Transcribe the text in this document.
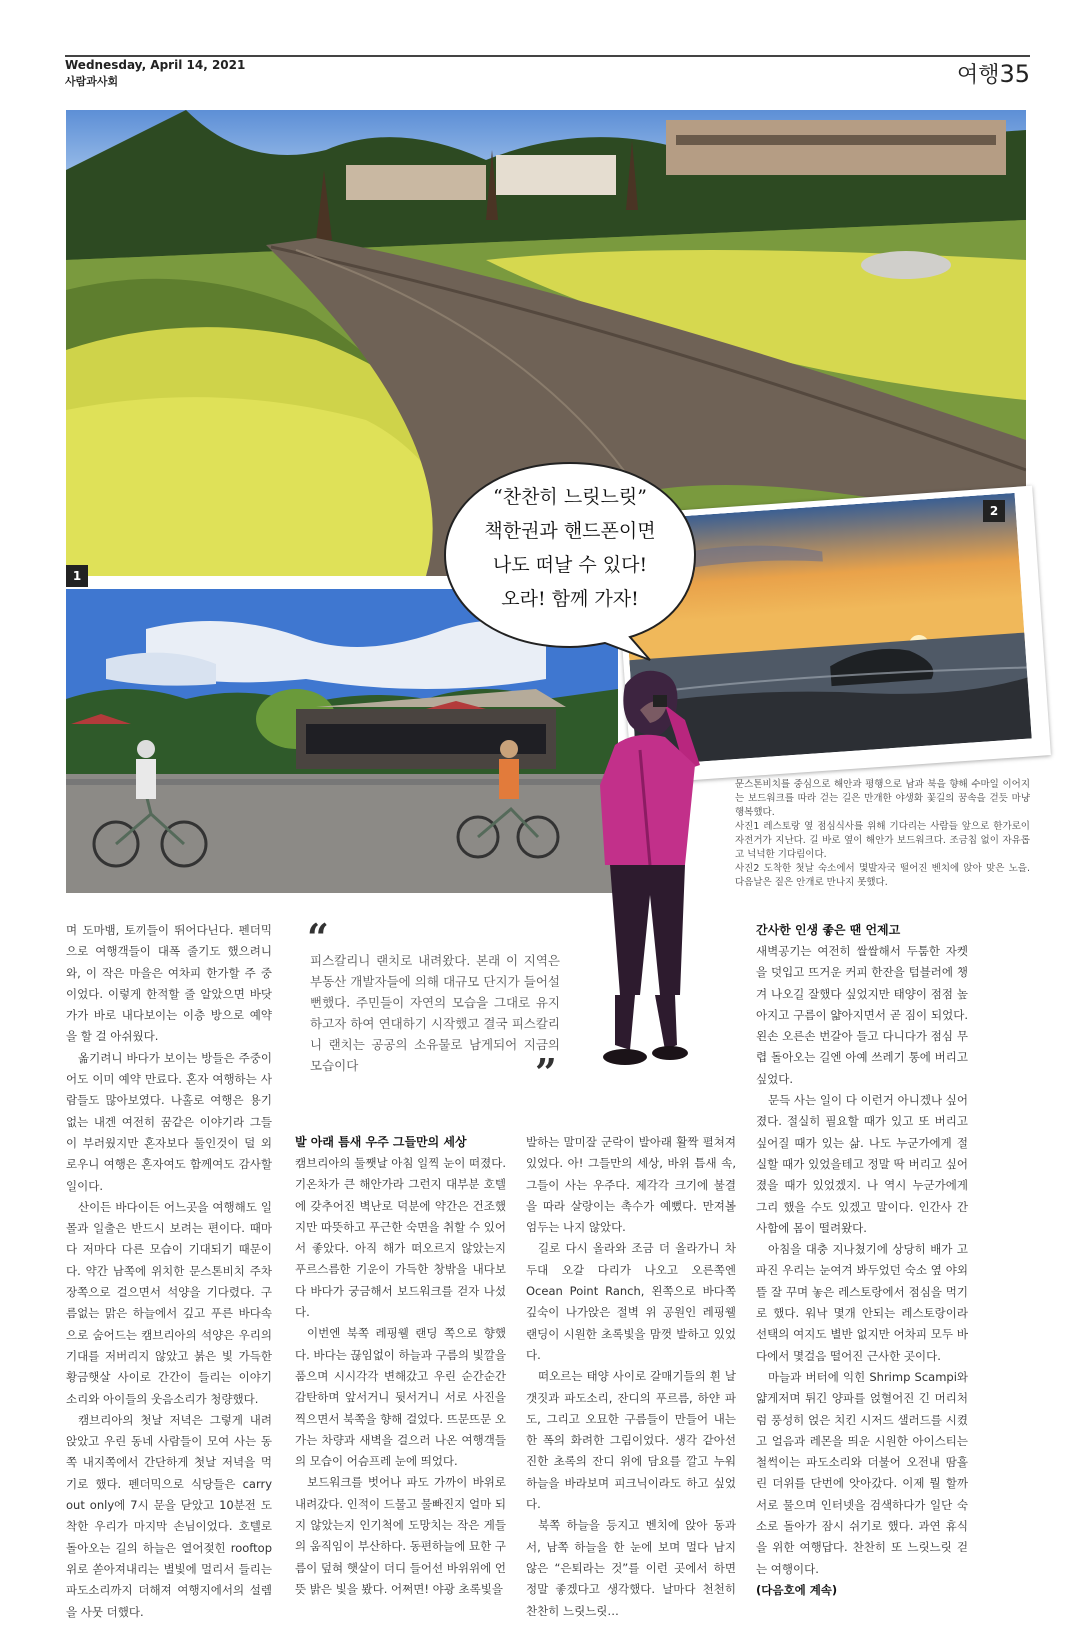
Wednesday, April 14, 2021
사람과사회	여행35
1
2
“찬찬히 느릿느릿”
책한권과 핸드폰이면
나도 떠날 수 있다!
오라! 함께 가자!
문스톤비치를 중심으로 해안과 평행으로 남과 북을 향해 수마일 이어지는 보드워크를 따라 걷는 길은 만개한 야생화 꽃길의 꿈속을 걷듯 마냥 행복했다.
사진1 레스토랑 옆 점심식사를 위해 기다리는 사람들 앞으로 한가로이 자전거가 지난다. 길 바로 옆이 해안가 보드워크다. 조금칩 없이 자유롭고 넉넉한 기다림이다.
사진2 도착한 첫날 숙소에서 몇발자국 떨어진 벤치에 앉아 맞은 노을. 다음날은 짙은 안개로 만나지 못했다.
“
피스칼리니 랜치로 내려왔다. 본래 이 지역은 부동산 개발자들에 의해 대규모 단지가 들어설 뻔했다. 주민들이 자연의 모습을 그대로 유지하고자 하여 연대하기 시작했고 결국 피스칼리니 랜치는 공공의 소유물로 남게되어 지금의 모습이다	”

며 도마뱀, 토끼들이 뛰어다닌다. 펜더믹으로 여행객들이 대폭 줄기도 했으려니와, 이 작은 마을은 여차피 한가할 주 중이었다. 이렇게 한적할 줄 알았으면 바닷가가 바로 내다보이는 이층 방으로 예약을 할 걸 아쉬웠다.

옮기려니 바다가 보이는 방들은 주중이어도 이미 예약 만료다. 혼자 여행하는 사람들도 많아보였다. 나홀로 여행은 용기없는 내겐 여전히 꿈같은 이야기라 그들이 부러웠지만 혼자보다 둘인것이 덜 외로우니 여행은 혼자여도 함께여도 감사할 일이다.

산이든 바다이든 어느곳을 여행해도 일몰과 일출은 반드시 보려는 편이다. 때마다 저마다 다른 모습이 기대되기 때문이다. 약간 남쪽에 위치한 문스톤비치 주차장쪽으로 걸으면서 석양을 기다렸다. 구름없는 맑은 하늘에서 깊고 푸른 바다속으로 숨어드는 캠브리아의 석양은 우리의 기대를 저버리지 않았고 붉은 빛 가득한 황금햇살 사이로 간간이 들리는 이야기 소리와 아이들의 웃음소리가 청량했다.

캠브리아의 첫날 저녁은 그렇게 내려 앉았고 우린 동네 사람들이 모여 사는 동쪽 내지쪽에서 간단하게 첫날 저녁을 먹기로 했다. 펜더믹으로 식당들은 carry out only에 7시 문을 닫았고 10분전 도착한 우리가 마지막 손님이었다. 호텔로 돌아오는 길의 하늘은 열어젖힌 rooftop위로 쏟아져내리는 별빛에 멀리서 들리는 파도소리까지 더해져 여행지에서의 설렘을 사뭇 더했다.

발 아래 틈새 우주 그들만의 세상

캠브리아의 둘쨋날 아침 일찍 눈이 떠졌다. 기온차가 큰 해안가라 그런지 대부분 호텔에 갖추어진 벽난로 덕분에 약간은 건조했지만 따뜻하고 푸근한 숙면을 취할 수 있어서 좋았다. 아직 해가 떠오르지 않았는지 푸르스름한 기운이 가득한 창밖을 내다보다 바다가 궁금해서 보드워크를 걷자 나섰다.

이번엔 북쪽 레핑웰 랜딩 쪽으로 향했다. 바다는 끊임없이 하늘과 구름의 빛깔을 품으며 시시각각 변해갔고 우린 순간순간 감탄하며 앞서거니 뒷서거니 서로 사진을 찍으면서 북쪽을 향해 걸었다. 뜨문뜨문 오가는 차량과 새벽을 걸으러 나온 여행객들의 모습이 어슴프레 눈에 띄었다.

보드워크를 벗어나 파도 가까이 바위로 내려갔다. 인적이 드물고 물빠진지 얼마 되지 않았는지 인기척에 도망치는 작은 게들의 움직임이 부산하다. 동편하늘에 묘한 구름이 덮혀 햇살이 더디 들어선 바위위에 언뜻 밝은 빛을 봤다. 어쩌면! 야광 초록빛을

발하는 말미잘 군락이 발아래 활짝 펼쳐져 있었다. 아! 그들만의 세상, 바위 틈새 속, 그들이 사는 우주다. 제각각 크기에 불결을 따라 살랑이는 촉수가 예뻤다. 만져볼 엄두는 나지 않았다.

길로 다시 올라와 조금 더 올라가니 차두대 오갈 다리가 나오고 오른쪽엔 Ocean Point Ranch, 왼쪽으로 바다쪽 깊숙이 나가앉은 절벽 위 공원인 레핑웰 랜딩이 시원한 초록빛을 맘껏 발하고 있었다.

떠오르는 태양 사이로 갈매기들의 흰 날갯짓과 파도소리, 잔디의 푸르름, 하얀 파도, 그리고 오묘한 구름들이 만들어 내는 한 폭의 화려한 그림이었다. 생각 같아선 진한 초록의 잔디 위에 담요를 깔고 누워 하늘을 바라보며 피크닉이라도 하고 싶었다.

북쪽 하늘을 등지고 벤치에 앉아 동과 서, 남쪽 하늘을 한 눈에 보며 멀다 남지 않은 “은퇴라는 것”를 이런 곳에서 하면 정말 좋겠다고 생각했다. 날마다 천천히 찬찬히 느릿느릿…

간사한 인생 좋은 땐 언제고

새벽공기는 여전히 쌀쌀해서 두툼한 자켓을 덧입고 뜨거운 커피 한잔을 텀블러에 챙겨 나오길 잘했다 싶었지만 태양이 점점 높아지고 구름이 얇아지면서 곧 짐이 되었다. 왼손 오른손 번갈아 들고 다니다가 점심 무렵 돌아오는 길엔 아예 쓰레기 통에 버리고 싶었다.

문득 사는 일이 다 이런거 아니겠나 싶어졌다. 절실히 필요할 때가 있고 또 버리고 싶어질 때가 있는 삶. 나도 누군가에게 절실할 때가 있었을테고 정말 딱 버리고 싶어졌을 때가 있었겠지. 나 역시 누군가에게 그리 했을 수도 있겠고 말이다. 인간사 간사함에 몸이 떨려왔다.

아침을 대충 지나쳤기에 상당히 배가 고파진 우리는 눈여겨 봐두었던 숙소 옆 야외 뜰 잘 꾸며 놓은 레스토랑에서 점심을 먹기로 했다. 워낙 몇개 안되는 레스토랑이라 선택의 여지도 별반 없지만 어차피 모두 바다에서 몇걸음 떨어진 근사한 곳이다.

마늘과 버터에 익힌 Shrimp Scampi와 얇게저며 튀긴 양파를 얹혈어진 긴 머리처럼 풍성히 얹은 치킨 시저드 샐러드를 시켰고 얼음과 레몬을 띄운 시원한 아이스티는 철썩이는 파도소리와 더불어 오전내 땀흘린 더위를 단번에 앗아갔다. 이제 뭘 할까 서로 물으며 인터넷을 검색하다가 일단 숙소로 돌아가 잠시 쉬기로 했다. 과연 휴식을 위한 여행답다. 찬찬히 또 느릿느릿 걷는 여행이다.

(다음호에 계속)
